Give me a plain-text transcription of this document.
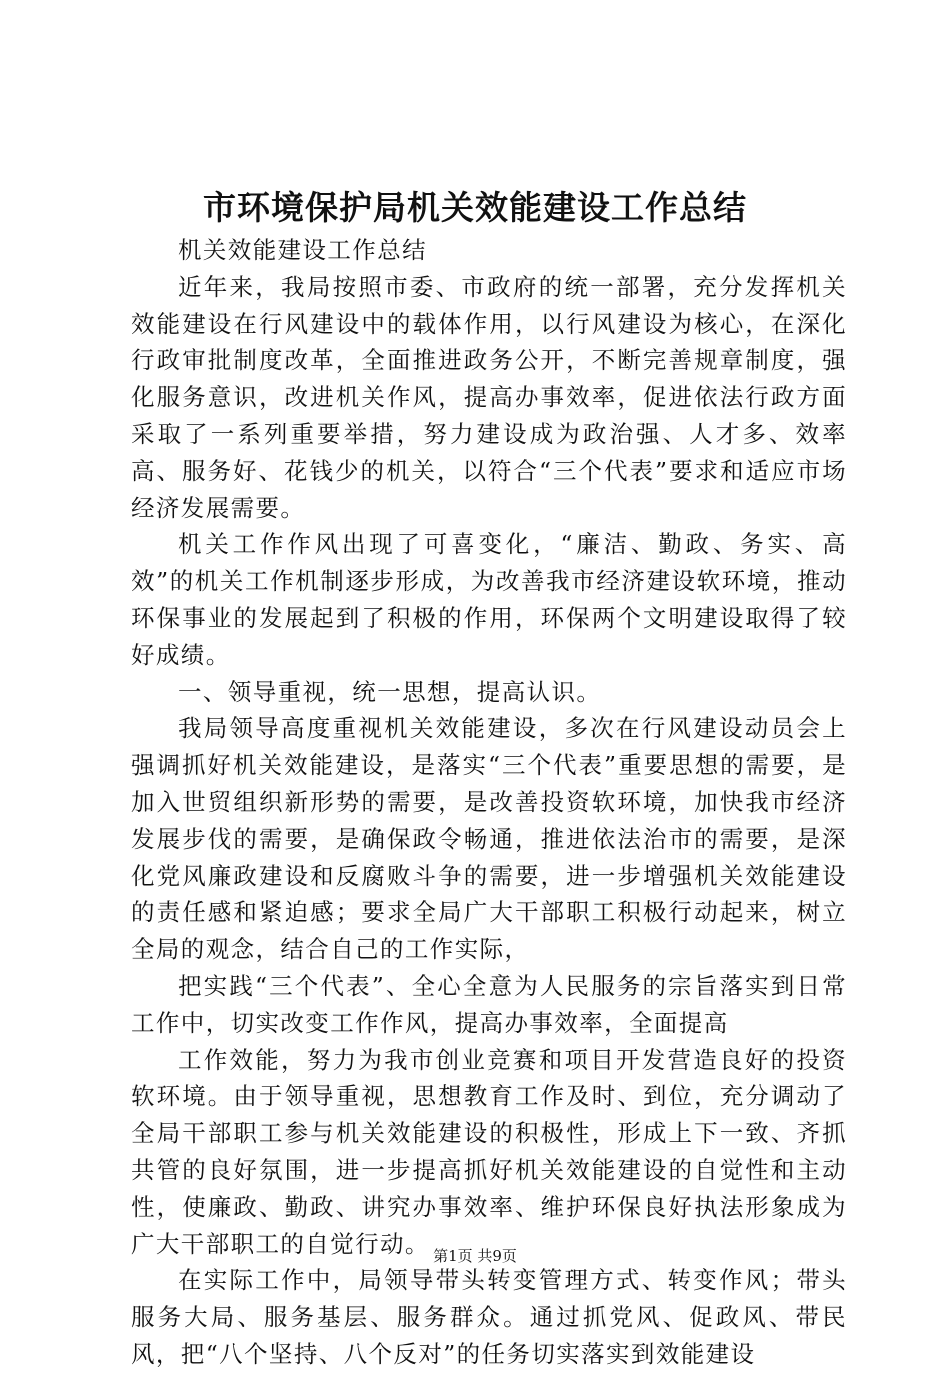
市环境保护局机关效能建设工作总结

机关效能建设工作总结

近年来，我局按照市委、市政府的统一部署，充分发挥机关效能建设在行风建设中的载体作用，以行风建设为核心，在深化行政审批制度改革，全面推进政务公开，不断完善规章制度，强化服务意识，改进机关作风，提高办事效率，促进依法行政方面采取了一系列重要举措，努力建设成为政治强、人才多、效率高、服务好、花钱少的机关，以符合“三个代表”要求和适应市场经济发展需要。

机关工作作风出现了可喜变化，“廉洁、勤政、务实、高效”的机关工作机制逐步形成，为改善我市经济建设软环境，推动环保事业的发展起到了积极的作用，环保两个文明建设取得了较好成绩。

一、领导重视，统一思想，提高认识。

我局领导高度重视机关效能建设，多次在行风建设动员会上强调抓好机关效能建设，是落实“三个代表”重要思想的需要，是加入世贸组织新形势的需要，是改善投资软环境，加快我市经济发展步伐的需要，是确保政令畅通，推进依法治市的需要，是深化党风廉政建设和反腐败斗争的需要，进一步增强机关效能建设的责任感和紧迫感；要求全局广大干部职工积极行动起来，树立全局的观念，结合自己的工作实际，

把实践“三个代表”、全心全意为人民服务的宗旨落实到日常工作中，切实改变工作作风，提高办事效率，全面提高

工作效能，努力为我市创业竞赛和项目开发营造良好的投资软环境。由于领导重视，思想教育工作及时、到位，充分调动了全局干部职工参与机关效能建设的积极性，形成上下一致、齐抓共管的良好氛围，进一步提高抓好机关效能建设的自觉性和主动性，使廉政、勤政、讲究办事效率、维护环保良好执法形象成为广大干部职工的自觉行动。

在实际工作中，局领导带头转变管理方式、转变作风；带头服务大局、服务基层、服务群众。通过抓党风、促政风、带民风，把“八个坚持、八个反对”的任务切实落实到效能建设

第1页 共9页
